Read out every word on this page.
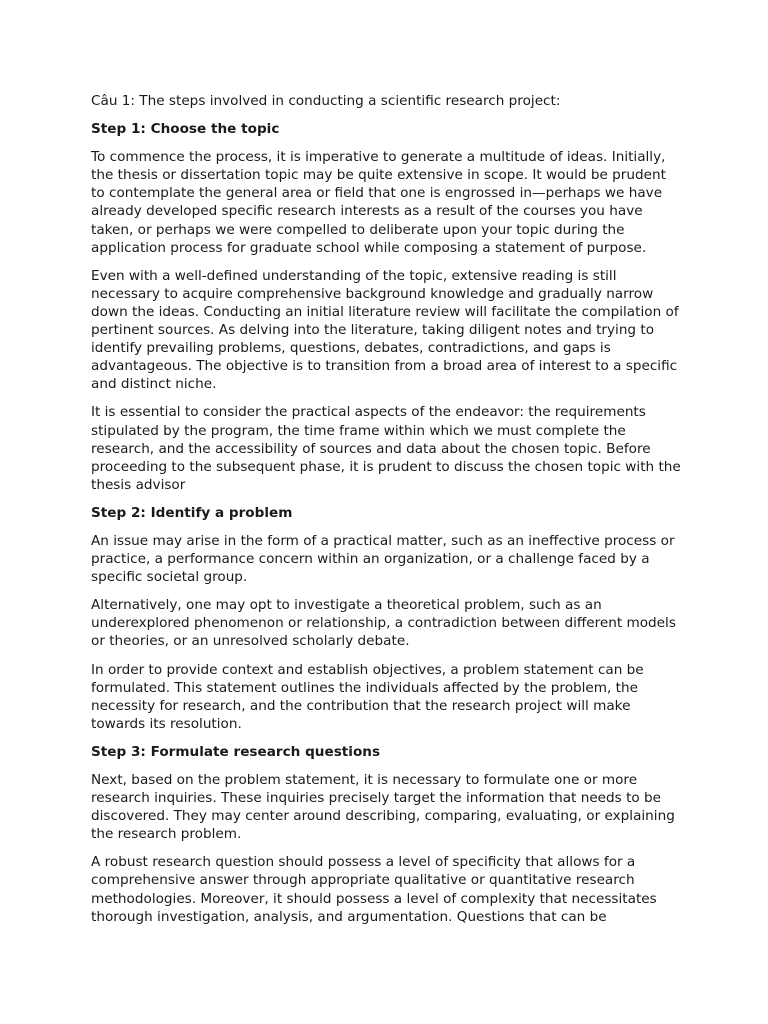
Câu 1: The steps involved in conducting a scientific research project:

Step 1: Choose the topic

To commence the process, it is imperative to generate a multitude of ideas. Initially, the thesis or dissertation topic may be quite extensive in scope. It would be prudent to contemplate the general area or field that one is engrossed in—perhaps we have already developed specific research interests as a result of the courses you have taken, or perhaps we were compelled to deliberate upon your topic during the application process for graduate school while composing a statement of purpose.

Even with a well-defined understanding of the topic, extensive reading is still necessary to acquire comprehensive background knowledge and gradually narrow down the ideas. Conducting an initial literature review will facilitate the compilation of pertinent sources. As delving into the literature, taking diligent notes and trying to identify prevailing problems, questions, debates, contradictions, and gaps is advantageous. The objective is to transition from a broad area of interest to a specific and distinct niche.

It is essential to consider the practical aspects of the endeavor: the requirements stipulated by the program, the time frame within which we must complete the research, and the accessibility of sources and data about the chosen topic. Before proceeding to the subsequent phase, it is prudent to discuss the chosen topic with the thesis advisor

Step 2: Identify a problem

An issue may arise in the form of a practical matter, such as an ineffective process or practice, a performance concern within an organization, or a challenge faced by a specific societal group.

Alternatively, one may opt to investigate a theoretical problem, such as an underexplored phenomenon or relationship, a contradiction between different models or theories, or an unresolved scholarly debate.

In order to provide context and establish objectives, a problem statement can be formulated. This statement outlines the individuals affected by the problem, the necessity for research, and the contribution that the research project will make towards its resolution.

Step 3: Formulate research questions

Next, based on the problem statement, it is necessary to formulate one or more research inquiries. These inquiries precisely target the information that needs to be discovered. They may center around describing, comparing, evaluating, or explaining the research problem.

A robust research question should possess a level of specificity that allows for a comprehensive answer through appropriate qualitative or quantitative research methodologies. Moreover, it should possess a level of complexity that necessitates thorough investigation, analysis, and argumentation. Questions that can be
